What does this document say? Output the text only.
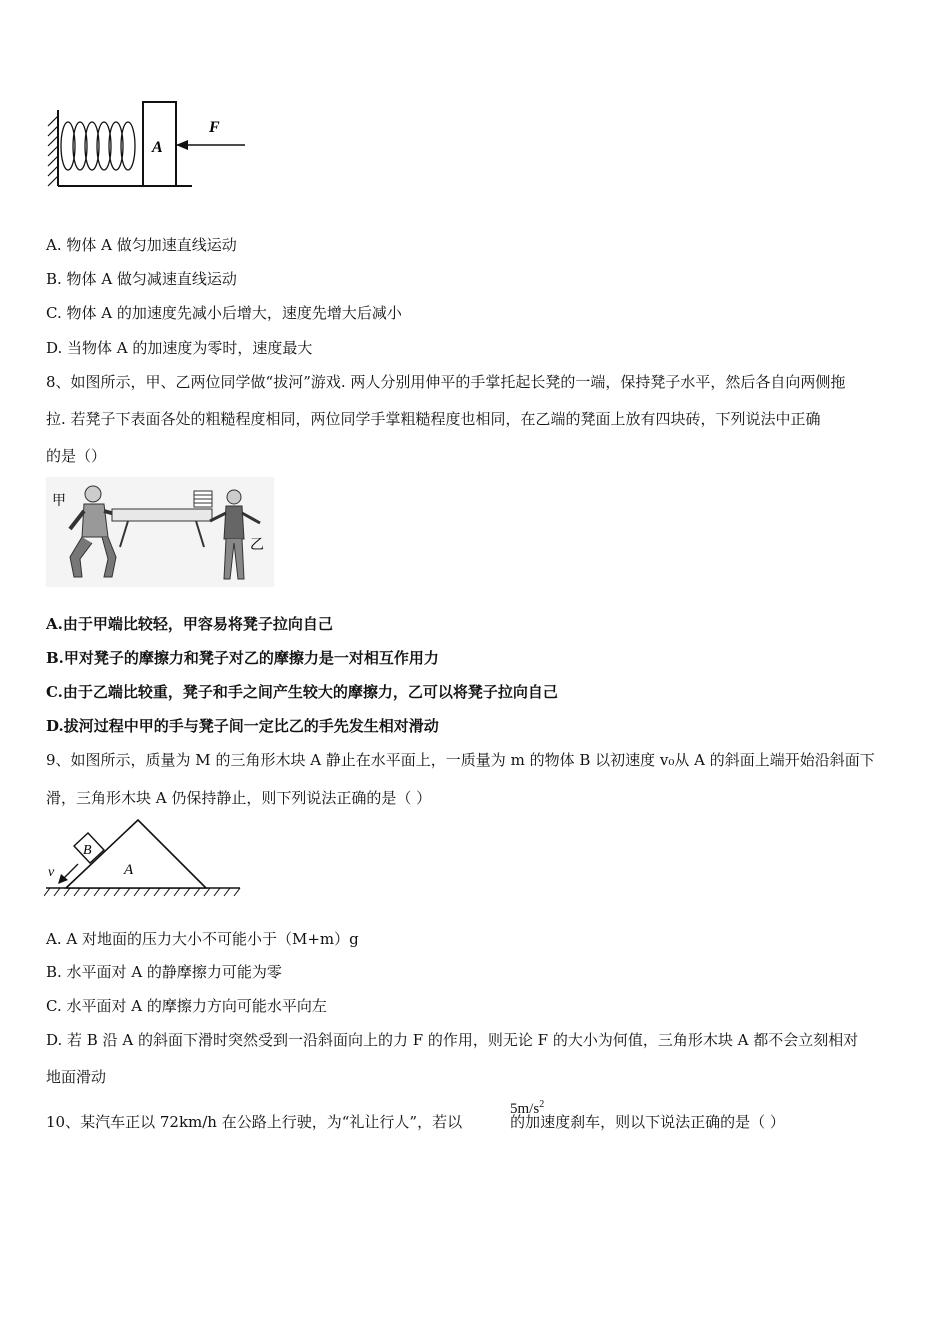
A
F
A. 物体 A 做匀加速直线运动
B. 物体 A 做匀减速直线运动
C. 物体 A 的加速度先减小后增大，速度先增大后减小
D. 当物体 A 的加速度为零时，速度最大
8、如图所示，甲、乙两位同学做“拔河”游戏. 两人分别用伸平的手掌托起长凳的一端，保持凳子水平，然后各自向两侧拖
拉. 若凳子下表面各处的粗糙程度相同，两位同学手掌粗糙程度也相同，在乙端的凳面上放有四块砖，下列说法中正确
的是（）
甲
乙
A.由于甲端比较轻，甲容易将凳子拉向自己
B.甲对凳子的摩擦力和凳子对乙的摩擦力是一对相互作用力
C.由于乙端比较重，凳子和手之间产生较大的摩擦力，乙可以将凳子拉向自己
D.拔河过程中甲的手与凳子间一定比乙的手先发生相对滑动
9、如图所示，质量为 M 的三角形木块 A 静止在水平面上，一质量为 m 的物体 B 以初速度 v₀从 A 的斜面上端开始沿斜面下
滑，三角形木块 A 仍保持静止，则下列说法正确的是（ ）
B
A
v
A. A 对地面的压力大小不可能小于（M+m）g
B. 水平面对 A 的静摩擦力可能为零
C. 水平面对 A 的摩擦力方向可能水平向左
D. 若 B 沿 A 的斜面下滑时突然受到一沿斜面向上的力 F 的作用，则无论 F 的大小为何值，三角形木块 A 都不会立刻相对
地面滑动
10、某汽车正以 72km/h 在公路上行驶，为“礼让行人”，若以	的加速度刹车，则以下说法正确的是（ ）
$5m/s^2$
